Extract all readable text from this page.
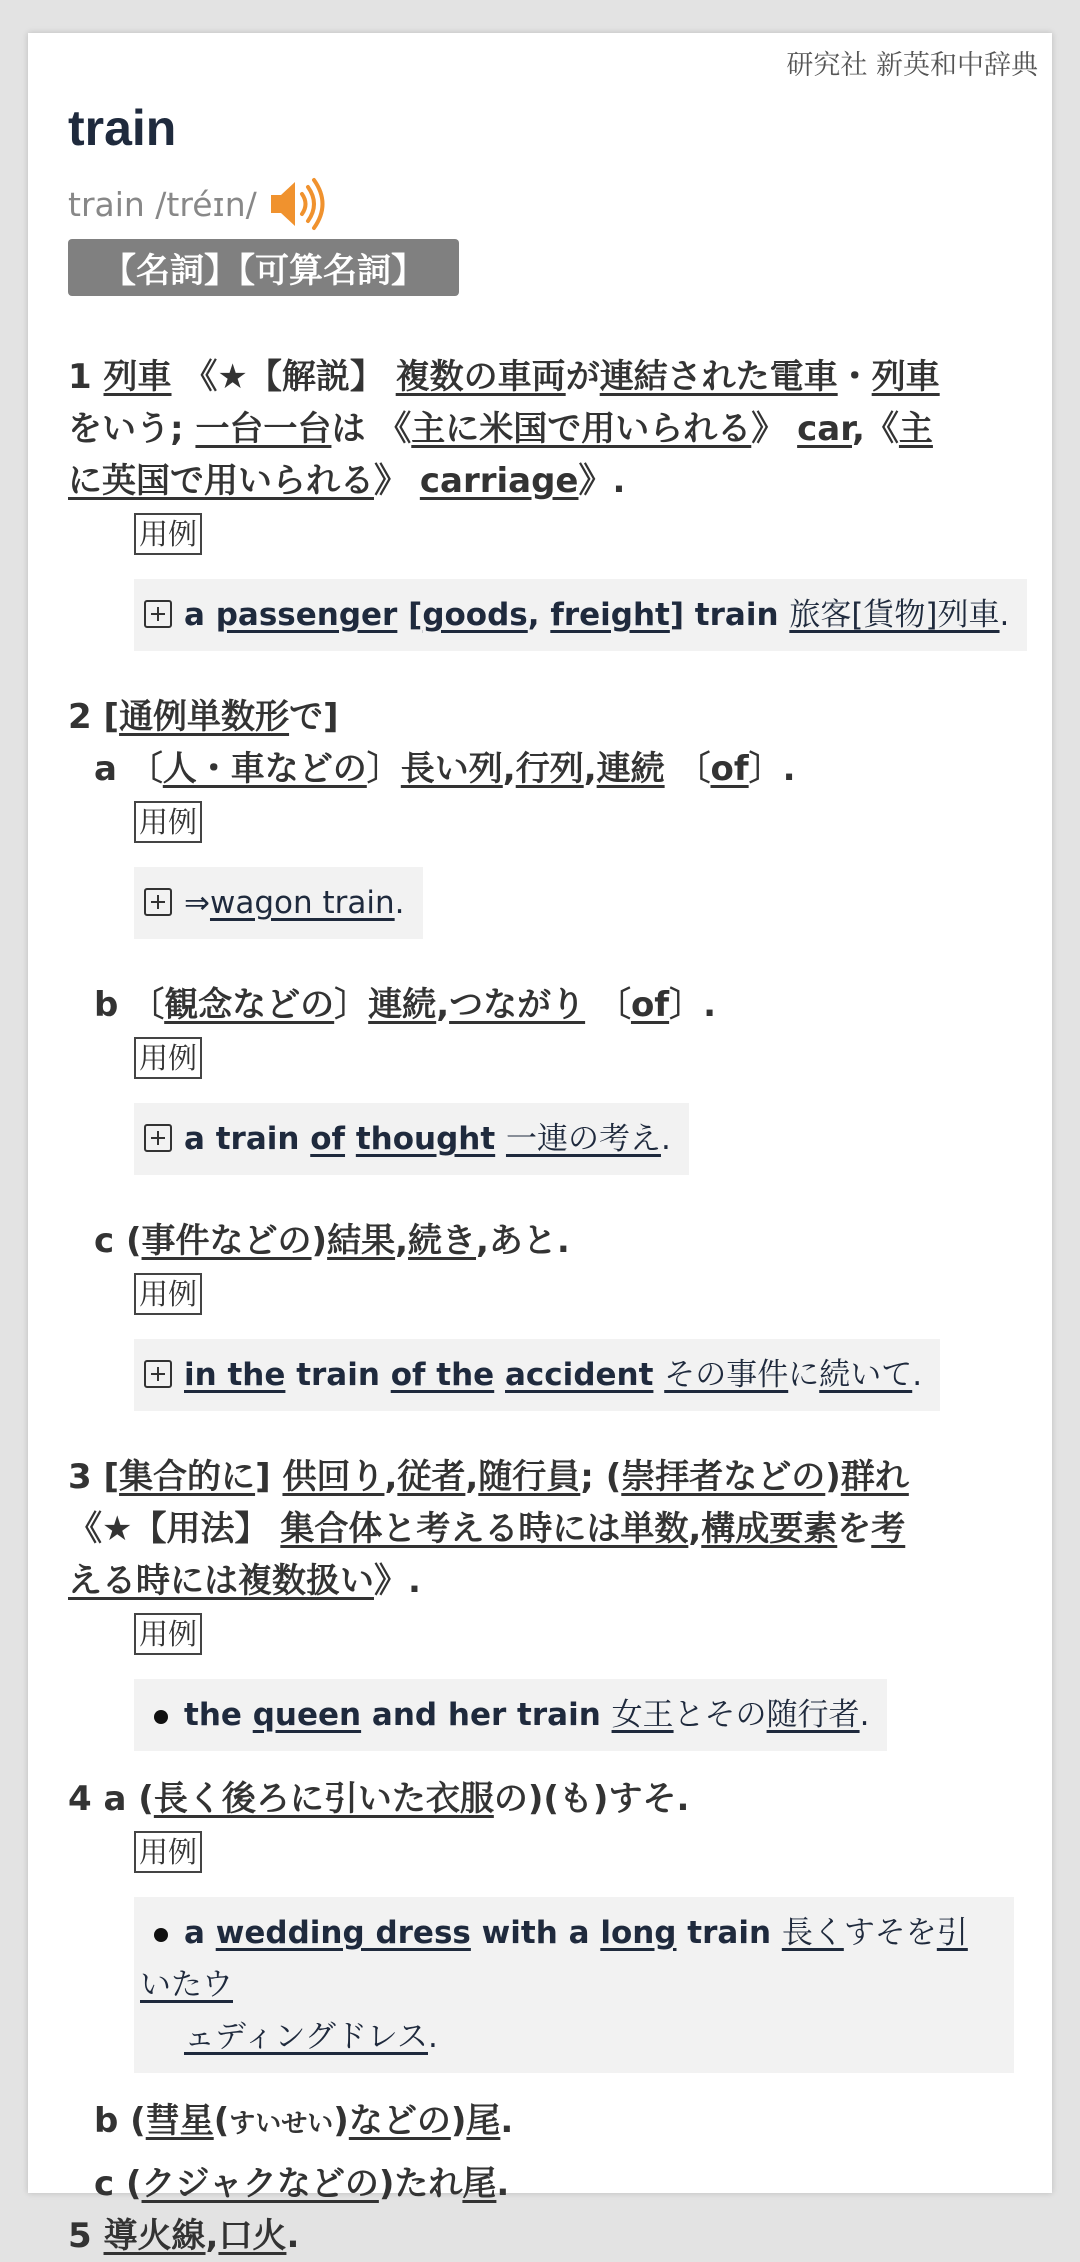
研究社 新英和中辞典
train
train /tréɪn/
【名詞】【可算名詞】
1 列車 《★【解説】 複数の車両が連結された電車・列車
をいう; 一台一台は 《主に米国で用いられる》 car,《主
に英国で用いられる》 carriage》.
用例
a passenger [goods, freight] train 旅客[貨物]列車.
2 [通例単数形で]
a 〔人・車などの〕長い列,行列,連続 〔of〕.
用例
⇒wagon train.
b 〔観念などの〕連続,つながり 〔of〕.
用例
a train of thought 一連の考え.
c (事件などの)結果,続き,あと.
用例
in the train of the accident その事件に続いて.
3 [集合的に] 供回り,従者,随行員; (崇拝者などの)群れ
《★【用法】 集合体と考える時には単数,構成要素を考
える時には複数扱い》.
用例
the queen and her train 女王とその随行者.
4 a (長く後ろに引いた衣服の)(も)すそ.
用例
a wedding dress with a long train 長くすそを引いたウ
ェディングドレス.
b (彗星(すいせい)などの)尾.
c (クジャクなどの)たれ尾.
5 導火線,口火.
